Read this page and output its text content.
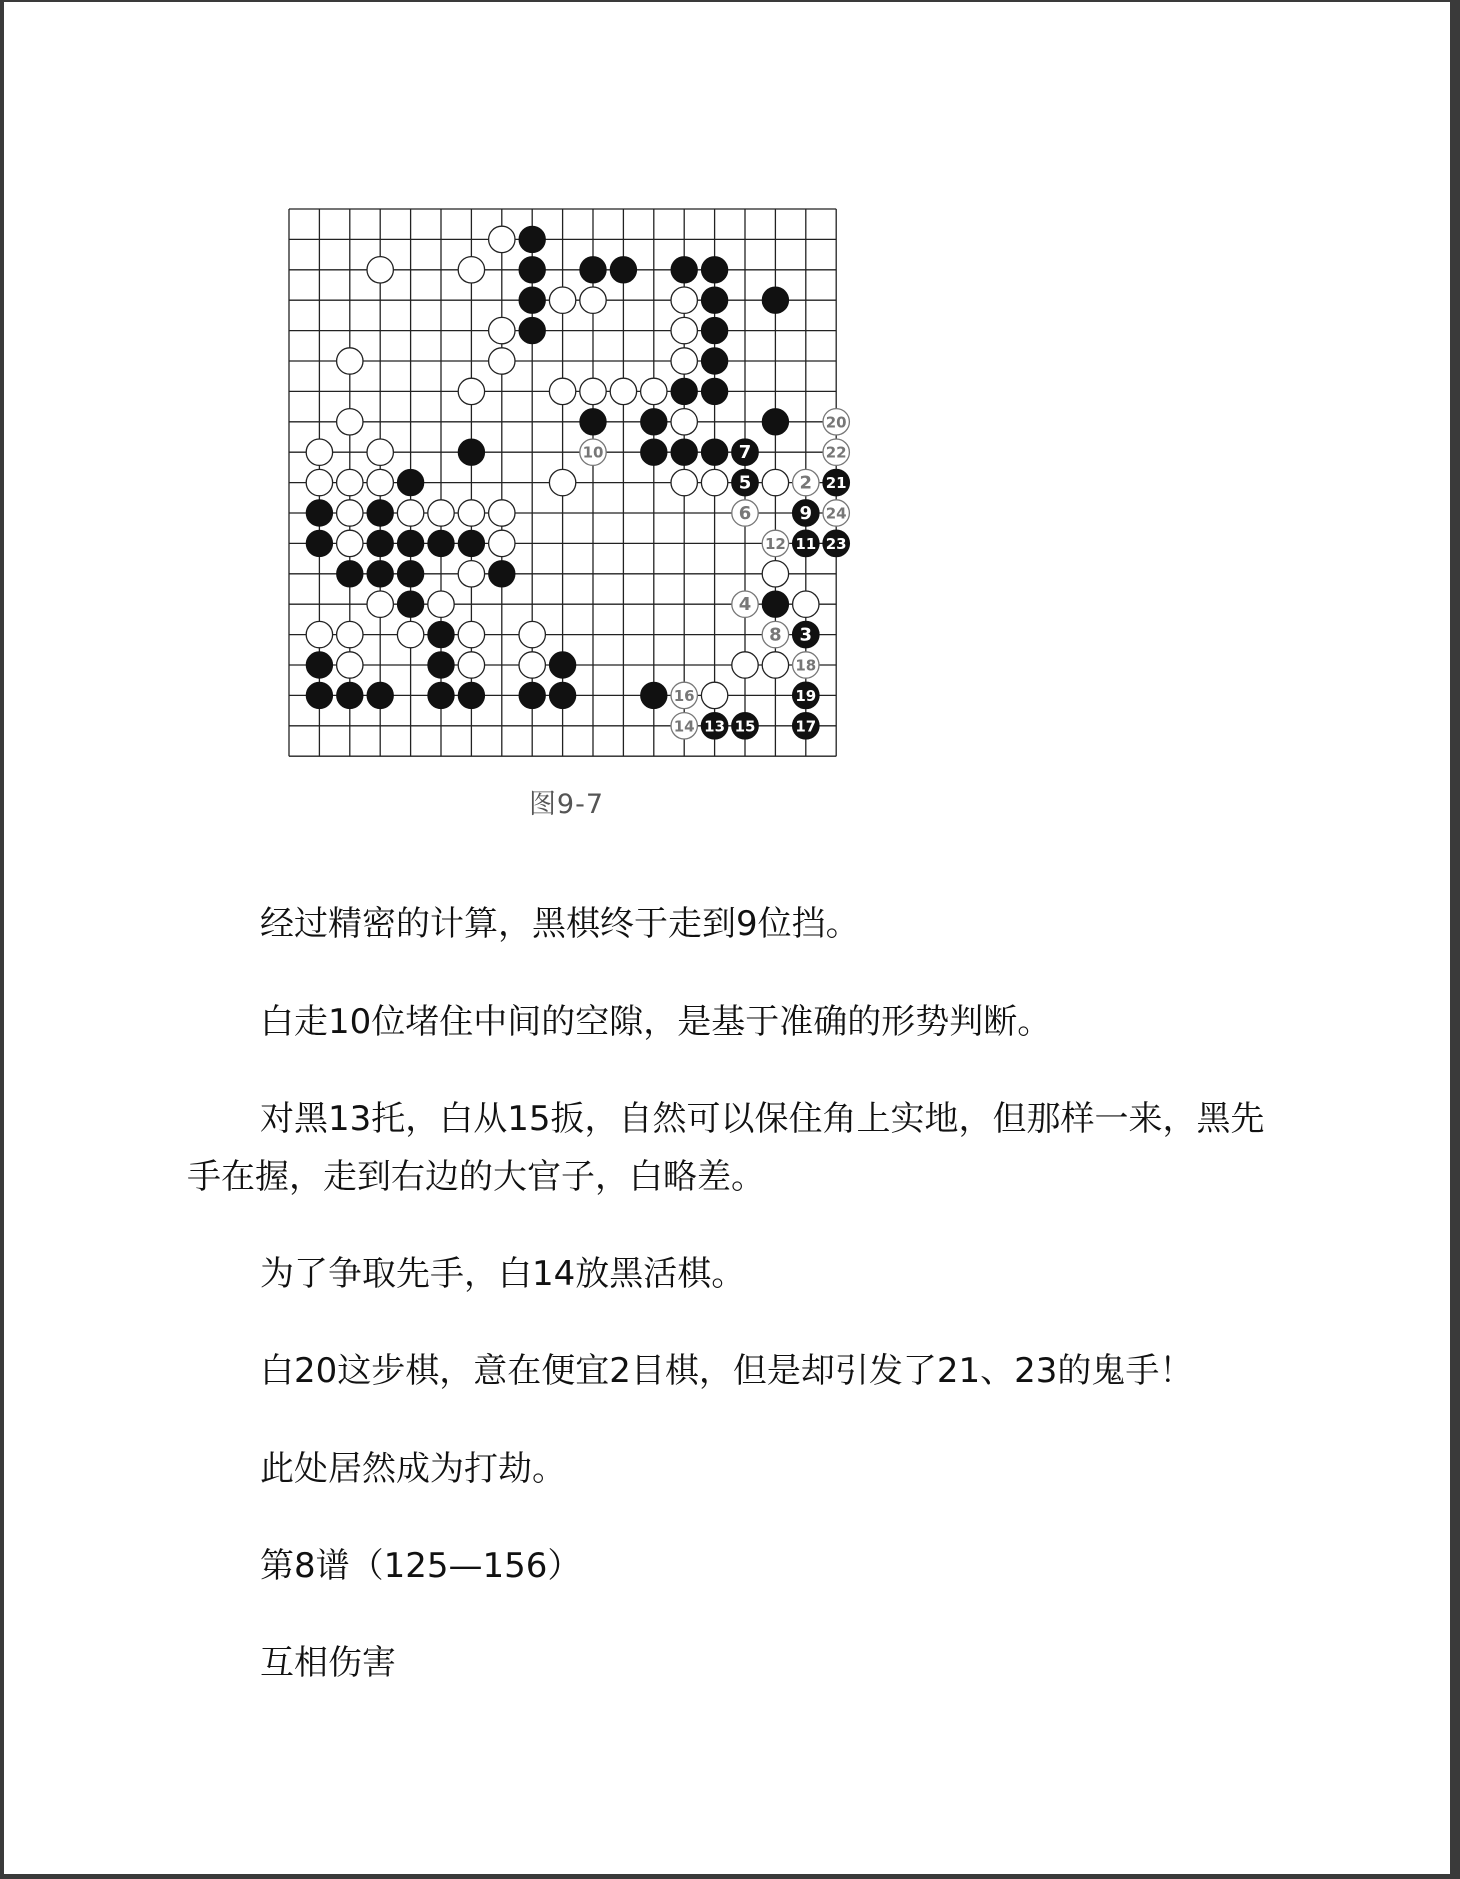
2
3
4
5
6
7
8
9
10
11
12
13
14	15
16
17
18
19
20
21
22
23
24
图9-7

经过精密的计算，黑棋终于走到9位挡。

白走10位堵住中间的空隙，是基于准确的形势判断。

对黑13托，白从15扳，自然可以保住角上实地，但那样一来，黑先手在握，走到右边的大官子，白略差。

为了争取先手，白14放黑活棋。

白20这步棋，意在便宜2目棋，但是却引发了21、23的鬼手！

此处居然成为打劫。

第8谱（125—156）

互相伤害
